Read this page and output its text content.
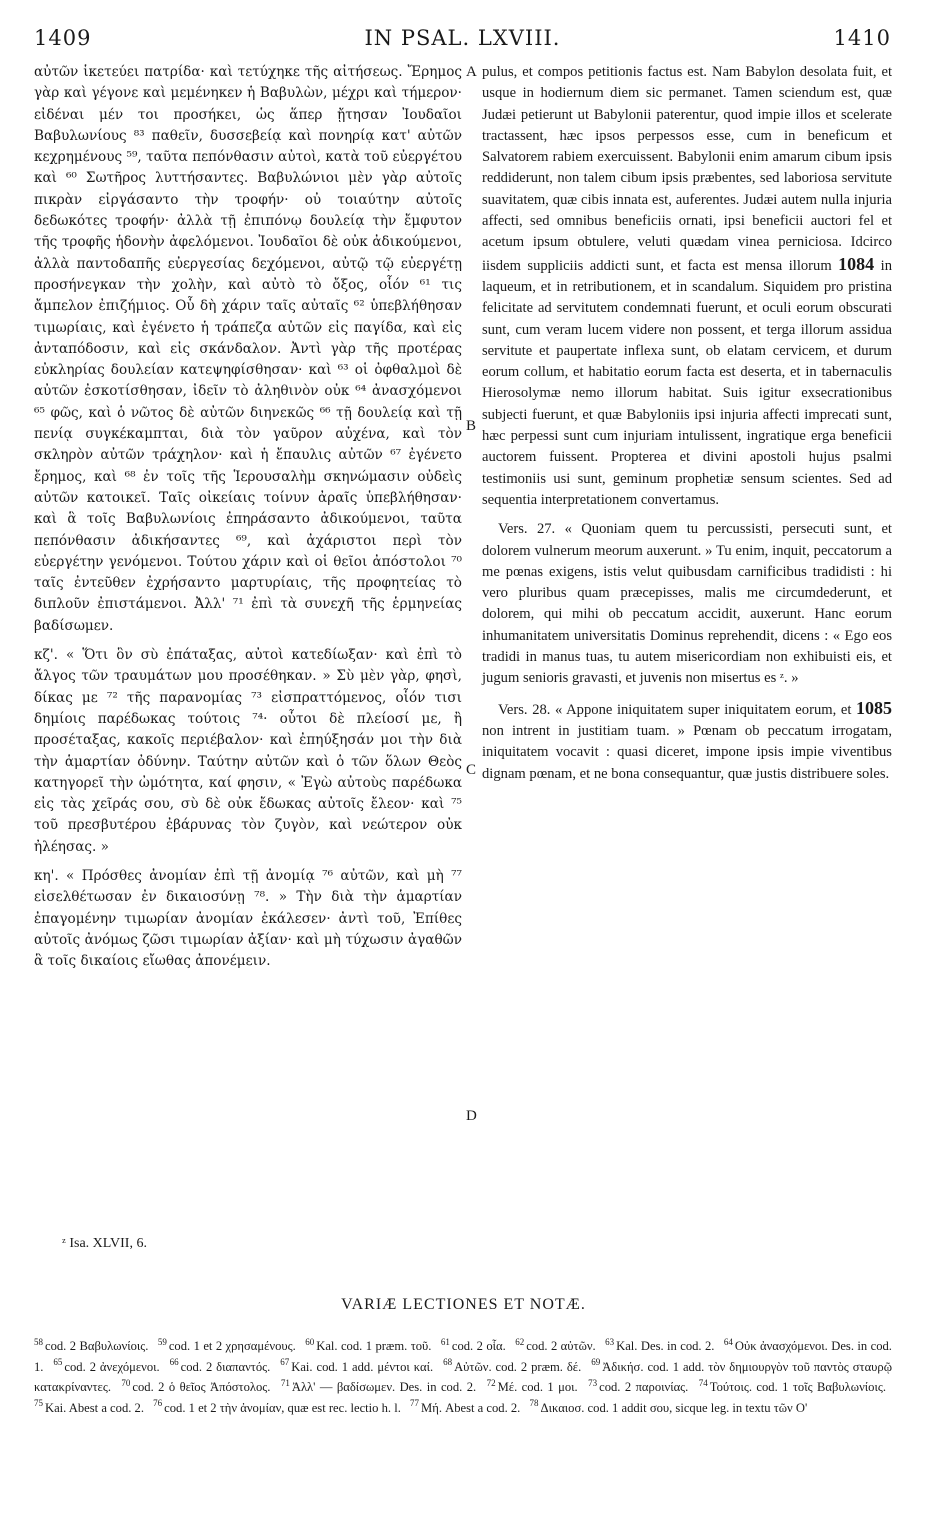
1409	IN PSAL. LXVIII.	1410

αὐτῶν ἱκετεύει πατρίδα· καὶ τετύχηκε τῆς αἰτήσεως. Ἔρημος γὰρ καὶ γέγονε καὶ μεμένηκεν ἡ Βαβυλὼν, μέχρι καὶ τήμερον· εἰδέναι μέν τοι προσήκει, ὡς ἅπερ ᾔτησαν Ἰουδαῖοι Βαβυλωνίους ⁸³ παθεῖν, δυσσεβείᾳ καὶ πονηρίᾳ κατ' αὐτῶν κεχρημένους ⁵⁹, ταῦτα πεπόνθασιν αὐτοὶ, κατὰ τοῦ εὐεργέτου καὶ ⁶⁰ Σωτῆρος λυττήσαντες. Βαβυλώνιοι μὲν γὰρ αὐτοῖς πικρὰν εἰργάσαντο τὴν τροφήν· οὐ τοιαύτην αὐτοῖς δεδωκότες τροφήν· ἀλλὰ τῇ ἐπιπόνῳ δουλείᾳ τὴν ἔμφυτον τῆς τροφῆς ἡδονὴν ἀφελόμενοι. Ἰουδαῖοι δὲ οὐκ ἀδικούμενοι, ἀλλὰ παντοδαπῆς εὐεργεσίας δεχόμενοι, αὐτῷ τῷ εὐεργέτῃ προσήνεγκαν τὴν χολὴν, καὶ αὐτὸ τὸ ὄξος, οἷόν ⁶¹ τις ἄμπελον ἐπιζήμιος. Οὗ δὴ χάριν ταῖς αὐταῖς ⁶² ὑπεβλήθησαν τιμωρίαις, καὶ ἐγένετο ἡ τράπεζα αὐτῶν εἰς παγίδα, καὶ εἰς ἀνταπόδοσιν, καὶ εἰς σκάνδαλον. Ἀντὶ γὰρ τῆς προτέρας εὐκληρίας δουλείαν κατεψηφίσθησαν· καὶ ⁶³ οἱ ὀφθαλμοὶ δὲ αὐτῶν ἐσκοτίσθησαν, ἰδεῖν τὸ ἀληθινὸν οὐκ ⁶⁴ ἀνασχόμενοι ⁶⁵ φῶς, καὶ ὁ νῶτος δὲ αὐτῶν διηνεκῶς ⁶⁶ τῇ δουλείᾳ καὶ τῇ πενίᾳ συγκέκαμπται, διὰ τὸν γαῦρον αὐχένα, καὶ τὸν σκληρὸν αὐτῶν τράχηλον· καὶ ἡ ἔπαυλις αὐτῶν ⁶⁷ ἐγένετο ἔρημος, καὶ ⁶⁸ ἐν τοῖς τῆς Ἱερουσαλὴμ σκηνώμασιν οὐδεὶς αὐτῶν κατοικεῖ. Ταῖς οἰκείαις τοίνυν ἀραῖς ὑπεβλήθησαν· καὶ ἃ τοῖς Βαβυλωνίοις ἐπηράσαντο ἀδικούμενοι, ταῦτα πεπόνθασιν ἀδικήσαντες ⁶⁹, καὶ ἀχάριστοι περὶ τὸν εὐεργέτην γενόμενοι. Τούτου χάριν καὶ οἱ θεῖοι ἀπόστολοι ⁷⁰ ταῖς ἐντεῦθεν ἐχρήσαντο μαρτυρίαις, τῆς προφητείας τὸ διπλοῦν ἐπιστάμενοι. Ἀλλ' ⁷¹ ἐπὶ τὰ συνεχῆ τῆς ἑρμηνείας βαδίσωμεν.

κζ'. « Ὅτι ὃν σὺ ἐπάταξας, αὐτοὶ κατεδίωξαν· καὶ ἐπὶ τὸ ἄλγος τῶν τραυμάτων μου προσέθηκαν. » Σὺ μὲν γὰρ, φησὶ, δίκας με ⁷² τῆς παρανομίας ⁷³ εἰσπραττόμενος, οἷόν τισι δημίοις παρέδωκας τούτοις ⁷⁴· οὗτοι δὲ πλείοσί με, ἢ προσέταξας, κακοῖς περιέβαλον· καὶ ἐπηύξησάν μοι τὴν διὰ τὴν ἁμαρτίαν ὀδύνην. Ταύτην αὐτῶν καὶ ὁ τῶν ὅλων Θεὸς κατηγορεῖ τὴν ὠμότητα, καί φησιν, « Ἐγὼ αὐτοὺς παρέδωκα εἰς τὰς χεῖράς σου, σὺ δὲ οὐκ ἔδωκας αὐτοῖς ἔλεον· καὶ ⁷⁵ τοῦ πρεσβυτέρου ἐβάρυνας τὸν ζυγὸν, καὶ νεώτερον οὐκ ἠλέησας. »

κη'. « Πρόσθες ἀνομίαν ἐπὶ τῇ ἀνομίᾳ ⁷⁶ αὐτῶν, καὶ μὴ ⁷⁷ εἰσελθέτωσαν ἐν δικαιοσύνῃ ⁷⁸. » Τὴν διὰ τὴν ἁμαρτίαν ἐπαγομένην τιμωρίαν ἀνομίαν ἐκάλεσεν· ἀντὶ τοῦ, Ἐπίθες αὐτοῖς ἀνόμως ζῶσι τιμωρίαν ἀξίαν· καὶ μὴ τύχωσιν ἀγαθῶν ἃ τοῖς δικαίοις εἴωθας ἀπονέμειν.

pulus, et compos petitionis factus est. Nam Babylon desolata fuit, et usque in hodiernum diem sic permanet. Tamen sciendum est, quæ Judæi petierunt ut Babylonii paterentur, quod impie illos et scelerate tractassent, hæc ipsos perpessos esse, cum in beneficum et Salvatorem rabiem exercuissent. Babylonii enim amarum cibum ipsis reddiderunt, non talem cibum ipsis præbentes, sed laboriosa servitute suavitatem, quæ cibis innata est, auferentes. Judæi autem nulla injuria affecti, sed omnibus beneficiis ornati, ipsi beneficii auctori fel et acetum ipsum obtulere, veluti quædam vinea perniciosa. Idcirco iisdem suppliciis addicti sunt, et facta est mensa illorum 1084 in laqueum, et in retributionem, et in scandalum. Siquidem pro pristina felicitate ad servitutem condemnati fuerunt, et oculi eorum obscurati sunt, cum veram lucem videre non possent, et terga illorum assidua servitute et paupertate inflexa sunt, ob elatam cervicem, et durum eorum collum, et habitatio eorum facta est deserta, et in tabernaculis Hierosolymæ nemo illorum habitat. Suis igitur exsecrationibus subjecti fuerunt, et quæ Babyloniis ipsi injuria affecti imprecati sunt, hæc perpessi sunt cum injuriam intulissent, ingratique erga beneficii auctorem fuissent. Propterea et divini apostoli hujus psalmi testimoniis usi sunt, geminum prophetiæ sensum scientes. Sed ad sequentia interpretationem convertamus.

Vers. 27. « Quoniam quem tu percussisti, persecuti sunt, et dolorem vulnerum meorum auxerunt. » Tu enim, inquit, peccatorum a me pœnas exigens, istis velut quibusdam carnificibus tradidisti : hi vero pluribus quam præcepisses, malis me circumdederunt, et dolorem, qui mihi ob peccatum accidit, auxerunt. Hanc eorum inhumanitatem universitatis Dominus reprehendit, dicens : « Ego eos tradidi in manus tuas, tu autem misericordiam non exhibuisti eis, et jugum senioris gravasti, et juvenis non misertus es ᶻ. »

Vers. 28. « Appone iniquitatem super iniquitatem eorum, et 1085 non intrent in justitiam tuam. » Pœnam ob peccatum irrogatam, iniquitatem vocavit : quasi diceret, impone ipsis impie viventibus dignam pœnam, et ne bona consequantur, quæ justis distribuere soles.

A
B
C
D
ᶻ Isa. XLVII, 6.
VARIÆ LECTIONES ET NOTÆ.
$^{58}$ cod. 2 Βαβυλωνίοις. $^{59}$ cod. 1 et 2 χρησαμένους. $^{60}$ Kal. cod. 1 præm. τοῦ. $^{61}$ cod. 2 οἷα. $^{62}$ cod. 2 αὐτῶν. $^{63}$ Kal. Des. in cod. 2. $^{64}$ Οὐκ ἀνασχόμενοι. Des. in cod. 1. $^{65}$ cod. 2 ἀνεχόμενοι. $^{66}$ cod. 2 διαπαντός. $^{67}$ Kai. cod. 1 add. μέντοι καί. $^{68}$ Αὐτῶν. cod. 2 præm. δέ. $^{69}$ Ἀδικήσ. cod. 1 add. τὸν δημιουργὸν τοῦ παντὸς σταυρῷ κατακρίναντες. $^{70}$ cod. 2 ὁ θεῖος Ἀπόστολος. $^{71}$ Ἀλλ' — βαδίσωμεν. Des. in cod. 2. $^{72}$ Μέ. cod. 1 μοι. $^{73}$ cod. 2 παροινίας. $^{74}$ Τούτοις. cod. 1 τοῖς Βαβυλωνίοις. $^{75}$ Kai. Abest a cod. 2. $^{76}$ cod. 1 et 2 τὴν ἀνομίαν, quæ est rec. lectio h. l. $^{77}$ Μή. Abest a cod. 2. $^{78}$ Δικαιοσ. cod. 1 addit σου, sicque leg. in textu τῶν O'
